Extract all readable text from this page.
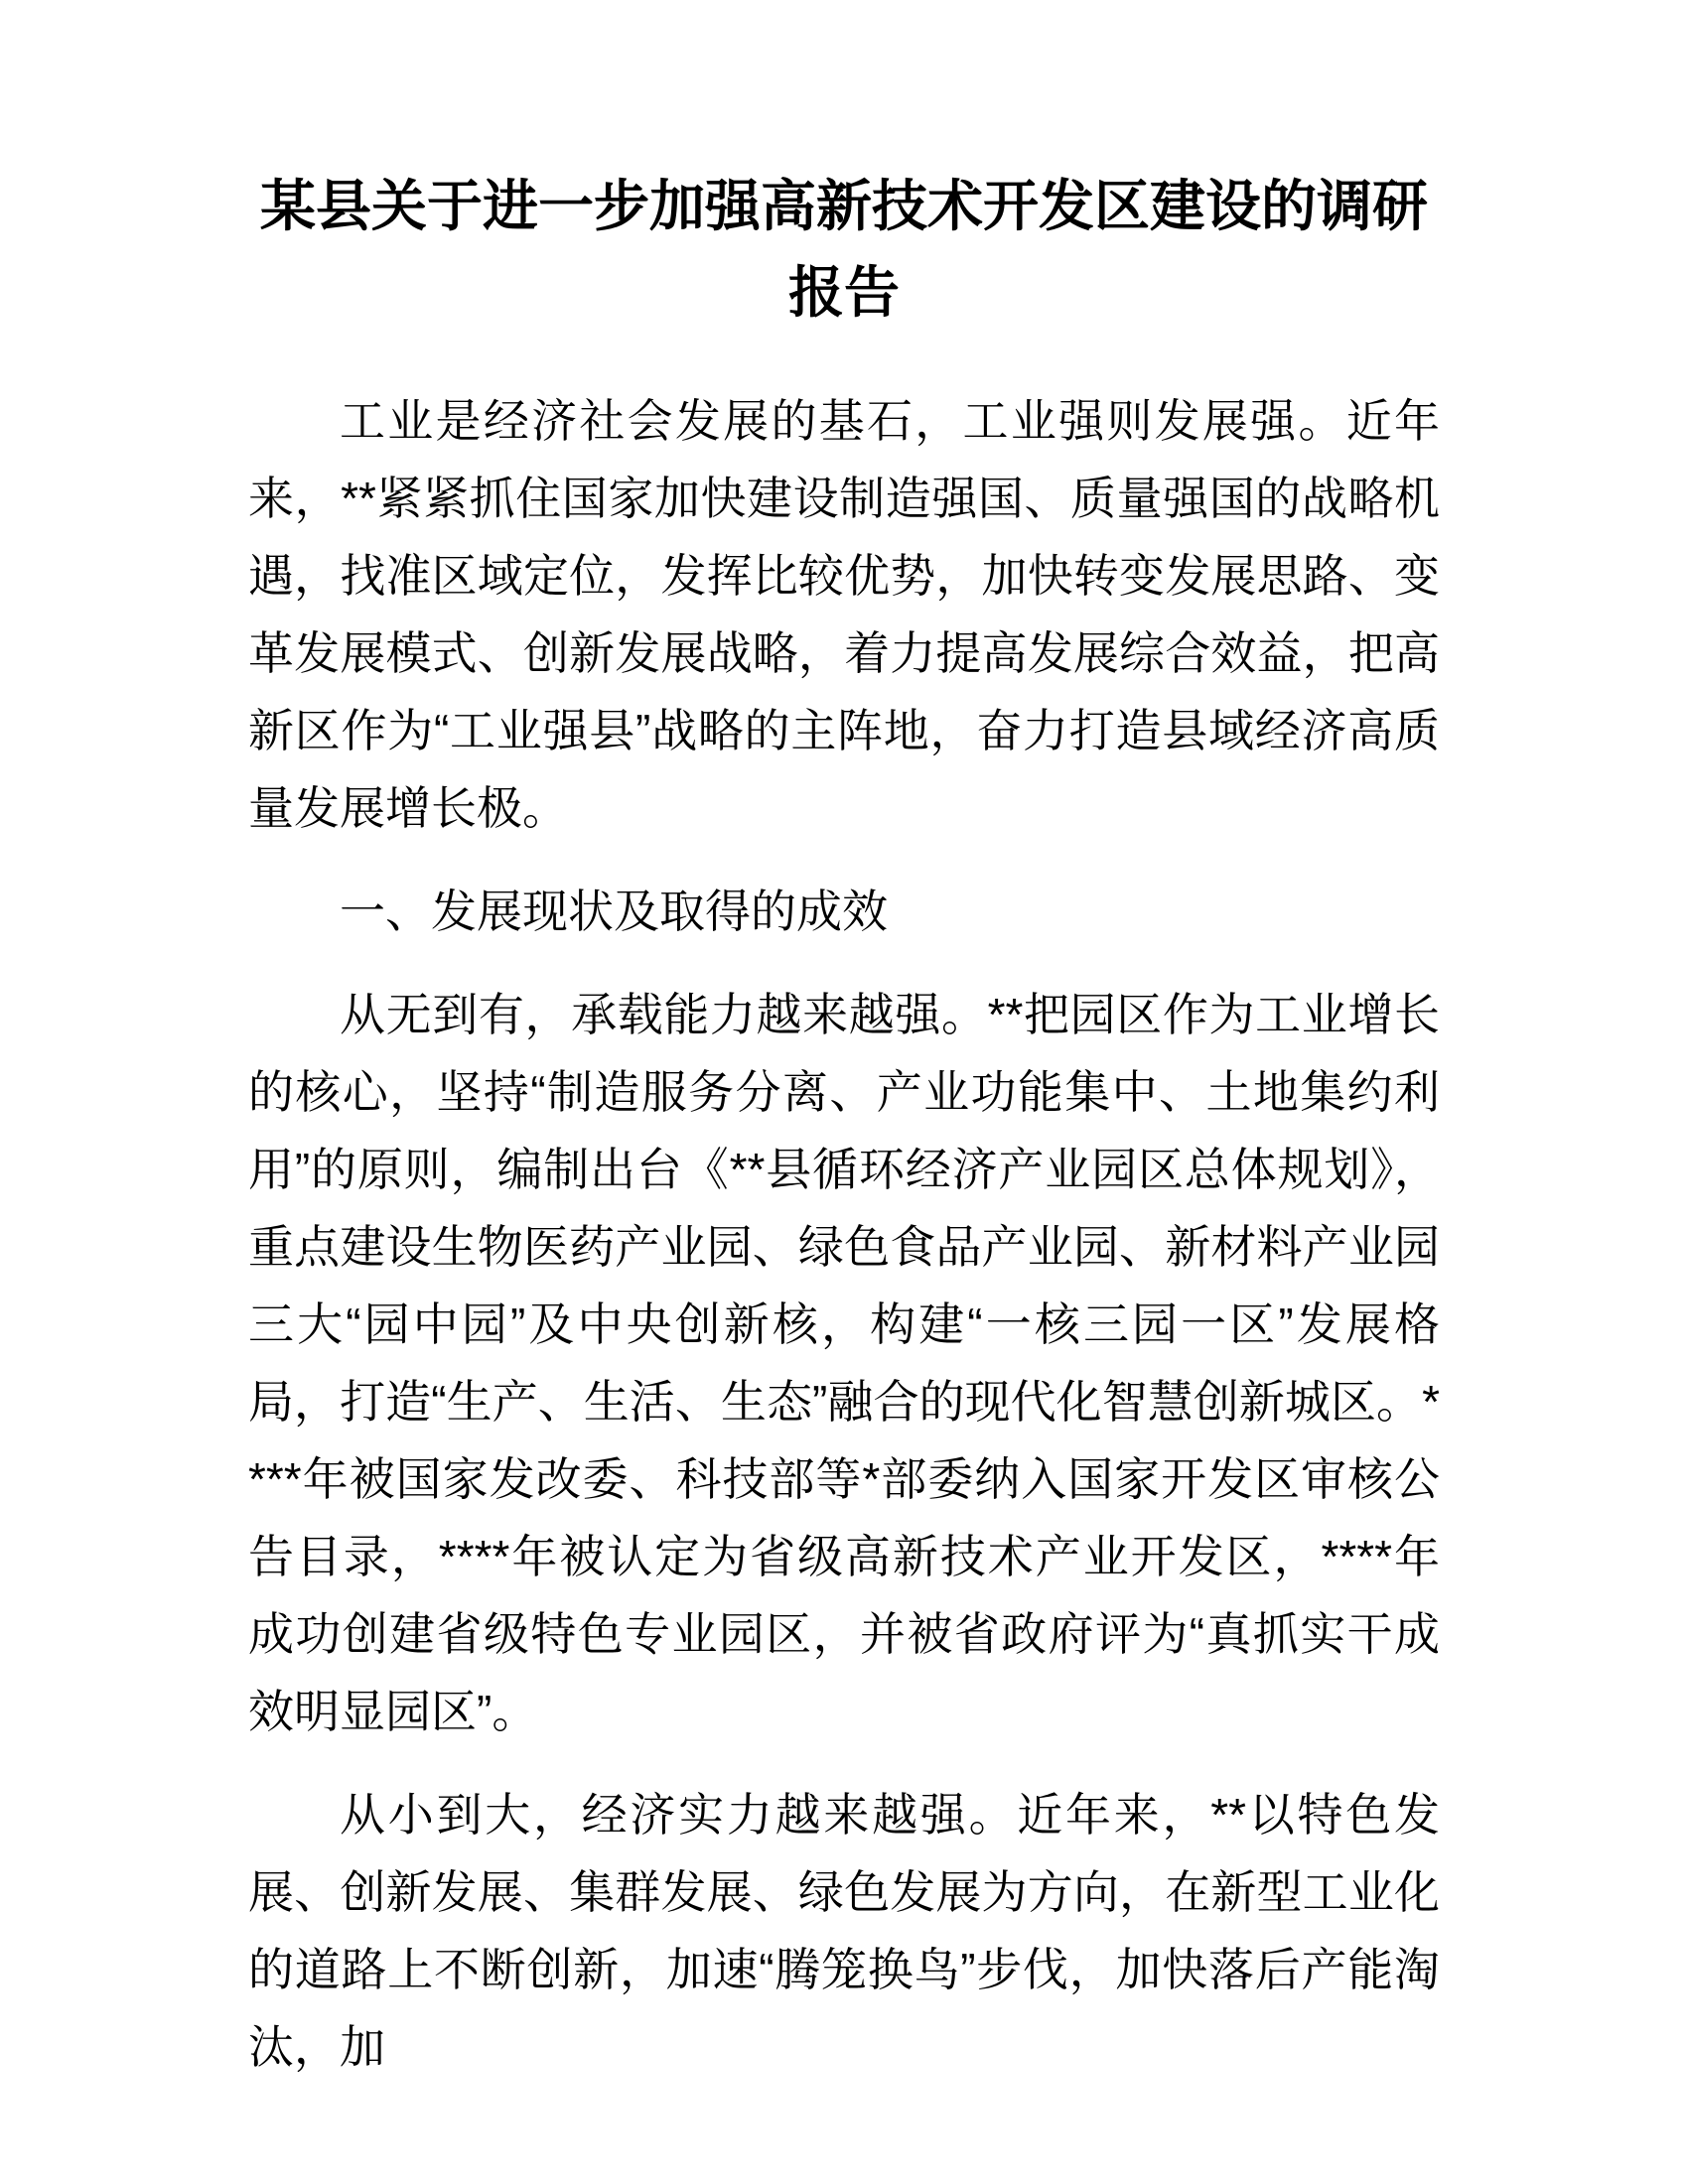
某县关于进一步加强高新技术开发区建设的调研报告

工业是经济社会发展的基石，工业强则发展强。近年来，**紧紧抓住国家加快建设制造强国、质量强国的战略机遇，找准区域定位，发挥比较优势，加快转变发展思路、变革发展模式、创新发展战略，着力提高发展综合效益，把高新区作为“工业强县”战略的主阵地，奋力打造县域经济高质量发展增长极。

一、发展现状及取得的成效

从无到有，承载能力越来越强。**把园区作为工业增长的核心，坚持“制造服务分离、产业功能集中、土地集约利用”的原则，编制出台《**县循环经济产业园区总体规划》，重点建设生物医药产业园、绿色食品产业园、新材料产业园三大“园中园”及中央创新核，构建“一核三园一区”发展格局，打造“生产、生活、生态”融合的现代化智慧创新城区。****年被国家发改委、科技部等*部委纳入国家开发区审核公告目录，****年被认定为省级高新技术产业开发区，****年成功创建省级特色专业园区，并被省政府评为“真抓实干成效明显园区”。

从小到大，经济实力越来越强。近年来，**以特色发展、创新发展、集群发展、绿色发展为方向，在新型工业化的道路上不断创新，加速“腾笼换鸟”步伐，加快落后产能淘汰，加
